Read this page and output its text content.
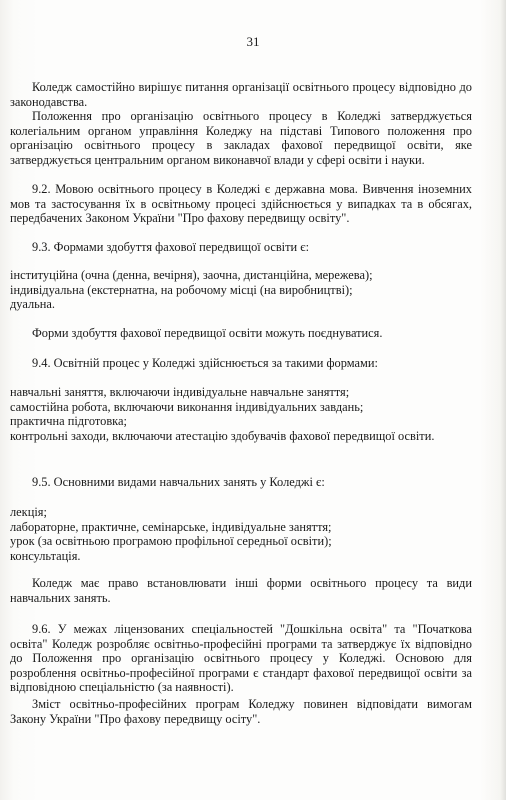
31

Коледж самостійно вирішує питання організації освітнього процесу відповідно до законодавства.

Положення про організацію освітнього процесу в Коледжі затверджується колегіальним органом управління Коледжу на підставі Типового положення про організацію освітнього процесу в закладах фахової передвищої освіти, яке затверджується центральним органом виконавчої влади у сфері освіти і науки.

9.2. Мовою освітнього процесу в Коледжі є державна мова. Вивчення іноземних мов та застосування їх в освітньому процесі здійснюється у випадках та в обсягах, передбачених Законом України "Про фахову передвищу освіту".

9.3. Формами здобуття фахової передвищої освіти є:

інституційна (очна (денна, вечірня), заочна, дистанційна, мережева);
індивідуальна (екстернатна, на робочому місці (на виробництві);
дуальна.

Форми здобуття фахової передвищої освіти можуть поєднуватися.

9.4. Освітній процес у Коледжі здійснюється за такими формами:

навчальні заняття, включаючи індивідуальне навчальне заняття;
самостійна робота, включаючи виконання індивідуальних завдань;
практична підготовка;
контрольні заходи, включаючи атестацію здобувачів фахової передвищої освіти.

9.5. Основними видами навчальних занять у Коледжі є:

лекція;
лабораторне, практичне, семінарське, індивідуальне заняття;
урок (за освітньою програмою профільної середньої освіти);
консультація.

Коледж має право встановлювати інші форми освітнього процесу та види навчальних занять.

9.6. У межах ліцензованих спеціальностей "Дошкільна освіта" та "Початкова освіта" Коледж розробляє освітньо-професійні програми та затверджує їх відповідно до Положення про організацію освітнього процесу у Коледжі. Основою для розроблення освітньо-професійної програми є стандарт фахової передвищої освіти за відповідною спеціальністю (за наявності).

Зміст освітньо-професійних програм Коледжу повинен відповідати вимогам Закону України "Про фахову передвищу осіту".
